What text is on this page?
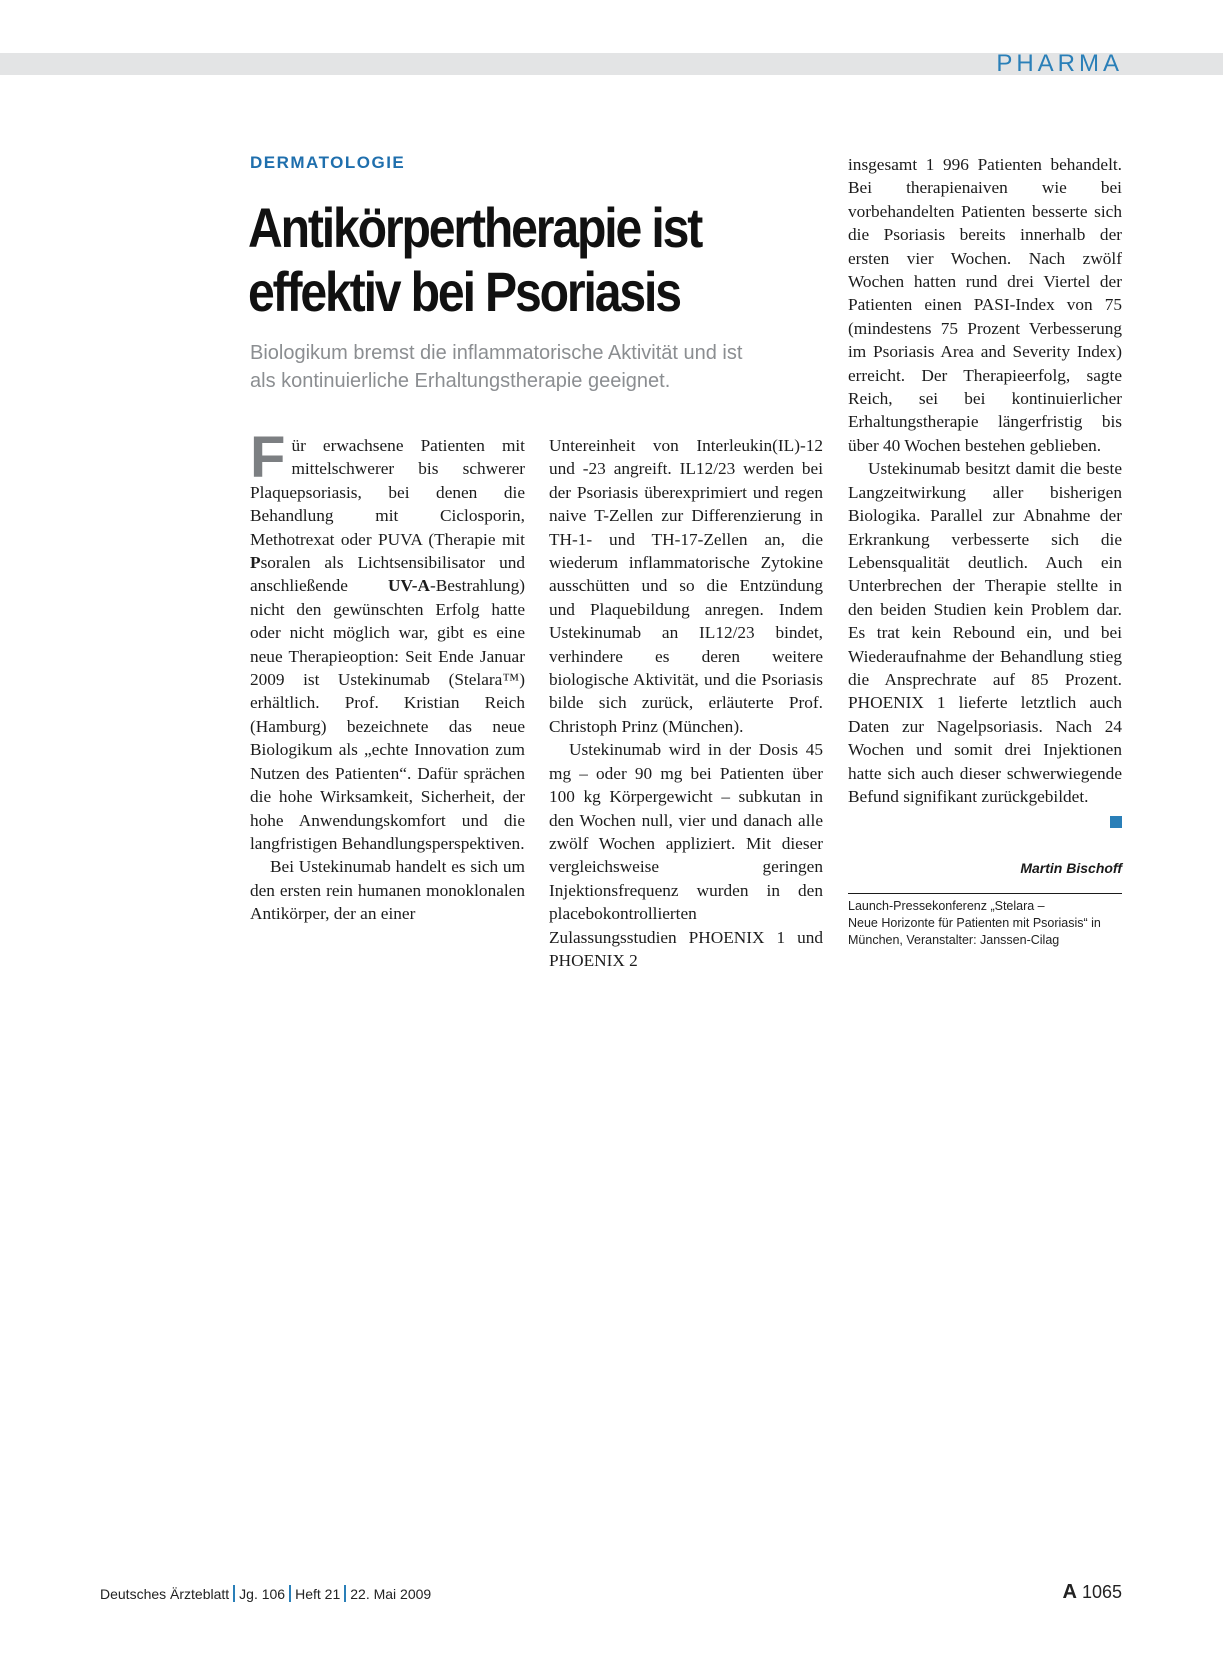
PHARMA
DERMATOLOGIE
Antikörpertherapie ist
effektiv bei Psoriasis
Biologikum bremst die inflammatorische Aktivität und ist
als kontinuierliche Erhaltungstherapie geeignet.

Für erwachsene Patienten mit mittelschwerer bis schwerer Plaquepsoriasis, bei denen die Behandlung mit Ciclosporin, Methotrexat oder PUVA (Therapie mit Psoralen als Lichtsensibilisator und anschließende UV-A-Bestrahlung) nicht den gewünschten Erfolg hatte oder nicht möglich war, gibt es eine neue Therapieoption: Seit Ende Januar 2009 ist Ustekinumab (Stelara™) erhältlich. Prof. Kristian Reich (Hamburg) bezeichnete das neue Biologikum als „echte Innovation zum Nutzen des Patienten“. Dafür sprächen die hohe Wirksamkeit, Sicherheit, der hohe Anwendungskomfort und die langfristigen Behandlungsperspektiven.

Bei Ustekinumab handelt es sich um den ersten rein humanen monoklonalen Antikörper, der an einer

Untereinheit von Interleukin(IL)-12 und -23 angreift. IL12/23 werden bei der Psoriasis überexprimiert und regen naive T-Zellen zur Differenzierung in TH-1- und TH-17-Zellen an, die wiederum inflammatorische Zytokine ausschütten und so die Entzündung und Plaquebildung anregen. Indem Ustekinumab an IL12/23 bindet, verhindere es deren weitere biologische Aktivität, und die Psoriasis bilde sich zurück, erläuterte Prof. Christoph Prinz (München).

Ustekinumab wird in der Dosis 45 mg – oder 90 mg bei Patienten über 100 kg Körpergewicht – subkutan in den Wochen null, vier und danach alle zwölf Wochen appliziert. Mit dieser vergleichsweise geringen Injektionsfrequenz wurden in den placebokontrollierten Zulassungsstudien PHOENIX 1 und PHOENIX 2

insgesamt 1 996 Patienten behandelt. Bei therapienaiven wie bei vorbehandelten Patienten besserte sich die Psoriasis bereits innerhalb der ersten vier Wochen. Nach zwölf Wochen hatten rund drei Viertel der Patienten einen PASI-Index von 75 (mindestens 75 Prozent Verbesserung im Psoriasis Area and Severity Index) erreicht. Der Therapieerfolg, sagte Reich, sei bei kontinuierlicher Erhaltungstherapie längerfristig bis über 40 Wochen bestehen geblieben.

Ustekinumab besitzt damit die beste Langzeitwirkung aller bisherigen Biologika. Parallel zur Abnahme der Erkrankung verbesserte sich die Lebensqualität deutlich. Auch ein Unterbrechen der Therapie stellte in den beiden Studien kein Problem dar. Es trat kein Rebound ein, und bei Wiederaufnahme der Behandlung stieg die Ansprechrate auf 85 Prozent. PHOENIX 1 lieferte letztlich auch Daten zur Nagelpsoriasis. Nach 24 Wochen und somit drei Injektionen hatte sich auch dieser schwerwiegende Befund signifikant zurückgebildet.

Martin Bischoff
Launch-Pressekonferenz „Stelara –
Neue Horizonte für Patienten mit Psoriasis“ in
München, Veranstalter: Janssen-Cilag
Deutsches Ärzteblatt Jg. 106 Heft 21 22. Mai 2009	A 1065
